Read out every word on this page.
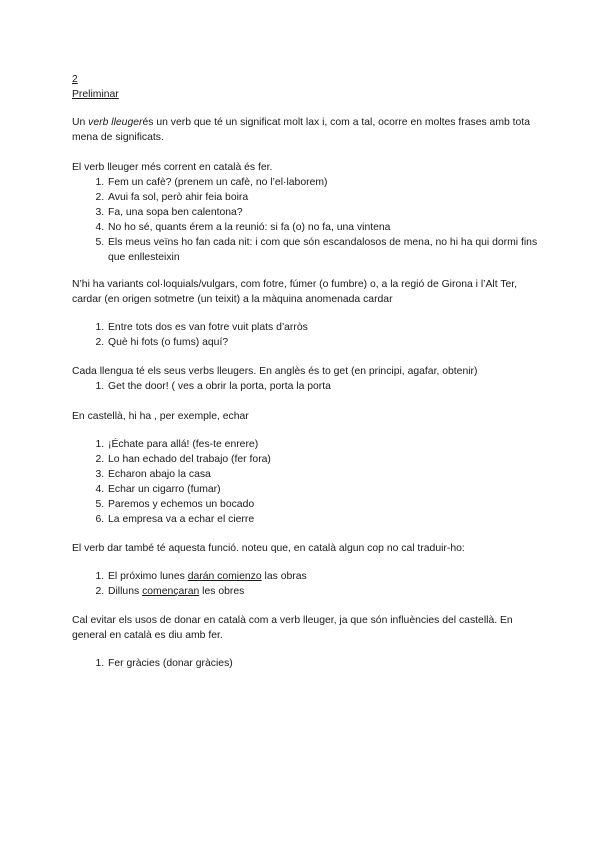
2
Preliminar

Un verb lleugerés un verb que té un significat molt lax i, com a tal, ocorre en moltes frases amb tota mena de significats.

El verb lleuger més corrent en català és fer.

1. Fem un cafè? (prenem un cafè, no l’el·laborem)
2. Avui fa sol, però ahir feia boira
3. Fa, una sopa ben calentona?
4. No ho sé, quants érem a la reunió: si fa (o) no fa, una vintena
5. Els meus veïns ho fan cada nit: i com que són escandalosos de mena, no hi ha qui dormi fins que enllesteixin

N’hi ha variants col·loquials/vulgars, com fotre, fúmer (o fumbre) o, a la regió de Girona i l’Alt Ter, cardar (en origen sotmetre (un teixit) a la màquina anomenada cardar

1. Entre tots dos es van fotre vuit plats d’arròs
2. Què hi fots (o fums) aquí?

Cada llengua té els seus verbs lleugers. En anglès és to get (en principi, agafar, obtenir)

1. Get the door! ( ves a obrir la porta, porta la porta

En castellà, hi ha , per exemple, echar

1. ¡Échate para allá! (fes-te enrere)
2. Lo han echado del trabajo (fer fora)
3. Echaron abajo la casa
4. Echar un cigarro (fumar)
5. Paremos y echemos un bocado
6. La empresa va a echar el cierre

El verb dar també té aquesta funció. noteu que, en català algun cop no cal traduir-ho:

1. El próximo lunes darán comienzo las obras
2. Dilluns començaran les obres

Cal evitar els usos de donar en català com a verb lleuger, ja que són influències del castellà. En general en català es diu amb fer.

1. Fer gràcies (donar gràcies)
